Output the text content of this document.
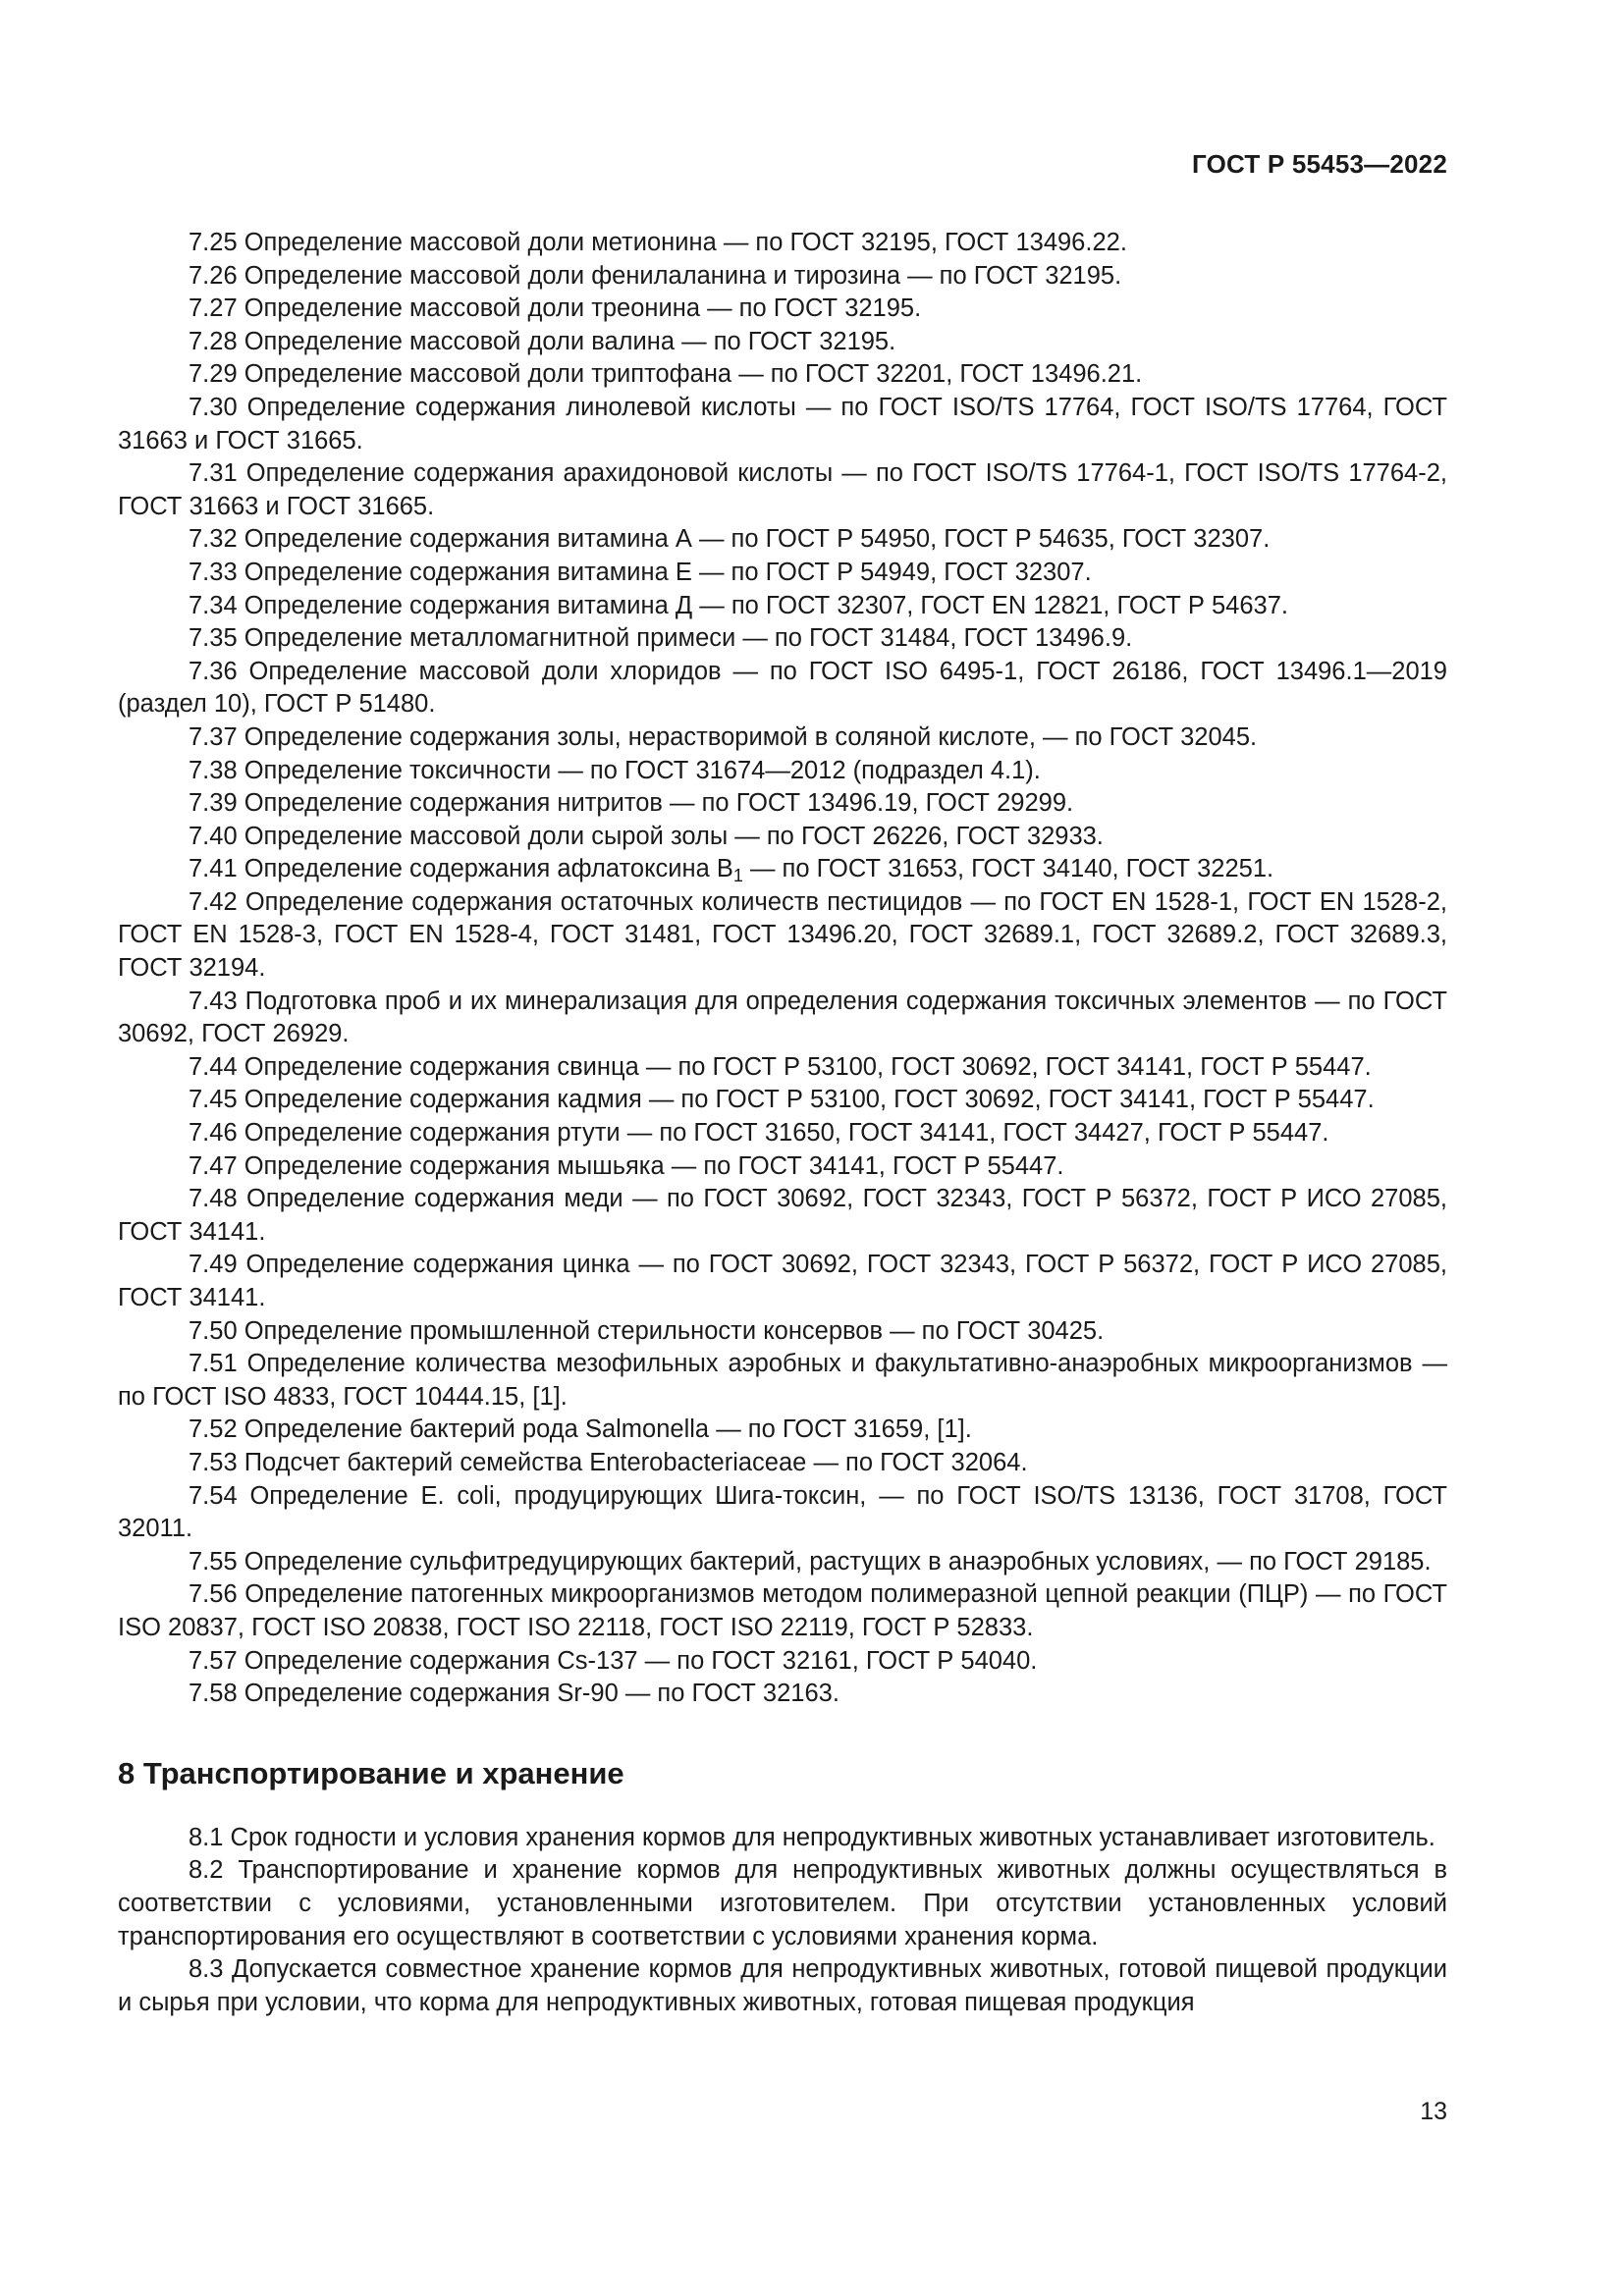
ГОСТ Р 55453—2022

7.25 Определение массовой доли метионина — по ГОСТ 32195, ГОСТ 13496.22.

7.26 Определение массовой доли фенилаланина и тирозина — по ГОСТ 32195.

7.27 Определение массовой доли треонина — по ГОСТ 32195.

7.28 Определение массовой доли валина — по ГОСТ 32195.

7.29 Определение массовой доли триптофана — по ГОСТ 32201, ГОСТ 13496.21.

7.30 Определение содержания линолевой кислоты — по ГОСТ ISO/TS 17764, ГОСТ ISO/TS 17764, ГОСТ 31663 и ГОСТ 31665.

7.31 Определение содержания арахидоновой кислоты — по ГОСТ ISO/TS 17764-1, ГОСТ ISO/TS 17764-2, ГОСТ 31663 и ГОСТ 31665.

7.32 Определение содержания витамина А — по ГОСТ Р 54950, ГОСТ Р 54635, ГОСТ 32307.

7.33 Определение содержания витамина Е — по ГОСТ Р 54949, ГОСТ 32307.

7.34 Определение содержания витамина Д — по ГОСТ 32307, ГОСТ EN 12821, ГОСТ Р 54637.

7.35 Определение металломагнитной примеси — по ГОСТ 31484, ГОСТ 13496.9.

7.36 Определение массовой доли хлоридов — по ГОСТ ISO 6495-1, ГОСТ 26186, ГОСТ 13496.1—2019 (раздел 10), ГОСТ Р 51480.

7.37 Определение содержания золы, нерастворимой в соляной кислоте, — по ГОСТ 32045.

7.38 Определение токсичности — по ГОСТ 31674—2012 (подраздел 4.1).

7.39 Определение содержания нитритов — по ГОСТ 13496.19, ГОСТ 29299.

7.40 Определение массовой доли сырой золы — по ГОСТ 26226, ГОСТ 32933.

7.41 Определение содержания афлатоксина $B_1$ — по ГОСТ 31653, ГОСТ 34140, ГОСТ 32251.

7.42 Определение содержания остаточных количеств пестицидов — по ГОСТ EN 1528-1, ГОСТ EN 1528-2, ГОСТ EN 1528-3, ГОСТ EN 1528-4, ГОСТ 31481, ГОСТ 13496.20, ГОСТ 32689.1, ГОСТ 32689.2, ГОСТ 32689.3, ГОСТ 32194.

7.43 Подготовка проб и их минерализация для определения содержания токсичных элементов — по ГОСТ 30692, ГОСТ 26929.

7.44 Определение содержания свинца — по ГОСТ Р 53100, ГОСТ 30692, ГОСТ 34141, ГОСТ Р 55447.

7.45 Определение содержания кадмия — по ГОСТ Р 53100, ГОСТ 30692, ГОСТ 34141, ГОСТ Р 55447.

7.46 Определение содержания ртути — по ГОСТ 31650, ГОСТ 34141, ГОСТ 34427, ГОСТ Р 55447.

7.47 Определение содержания мышьяка — по ГОСТ 34141, ГОСТ Р 55447.

7.48 Определение содержания меди — по ГОСТ 30692, ГОСТ 32343, ГОСТ Р 56372, ГОСТ Р ИСО 27085, ГОСТ 34141.

7.49 Определение содержания цинка — по ГОСТ 30692, ГОСТ 32343, ГОСТ Р 56372, ГОСТ Р ИСО 27085, ГОСТ 34141.

7.50 Определение промышленной стерильности консервов — по ГОСТ 30425.

7.51 Определение количества мезофильных аэробных и факультативно-анаэробных микроорганизмов — по ГОСТ ISO 4833, ГОСТ 10444.15, [1].

7.52 Определение бактерий рода Salmonella — по ГОСТ 31659, [1].

7.53 Подсчет бактерий семейства Enterobacteriaceae — по ГОСТ 32064.

7.54 Определение E. coli, продуцирующих Шига-токсин, — по ГОСТ ISO/TS 13136, ГОСТ 31708, ГОСТ 32011.

7.55 Определение сульфитредуцирующих бактерий, растущих в анаэробных условиях, — по ГОСТ 29185.

7.56 Определение патогенных микроорганизмов методом полимеразной цепной реакции (ПЦР) — по ГОСТ ISO 20837, ГОСТ ISO 20838, ГОСТ ISO 22118, ГОСТ ISO 22119, ГОСТ Р 52833.

7.57 Определение содержания Cs-137 — по ГОСТ 32161, ГОСТ Р 54040.

7.58 Определение содержания Sr-90 — по ГОСТ 32163.

8 Транспортирование и хранение

8.1 Срок годности и условия хранения кормов для непродуктивных животных устанавливает изготовитель.

8.2 Транспортирование и хранение кормов для непродуктивных животных должны осуществляться в соответствии с условиями, установленными изготовителем. При отсутствии установленных условий транспортирования его осуществляют в соответствии с условиями хранения корма.

8.3 Допускается совместное хранение кормов для непродуктивных животных, готовой пищевой продукции и сырья при условии, что корма для непродуктивных животных, готовая пищевая продукция

13
